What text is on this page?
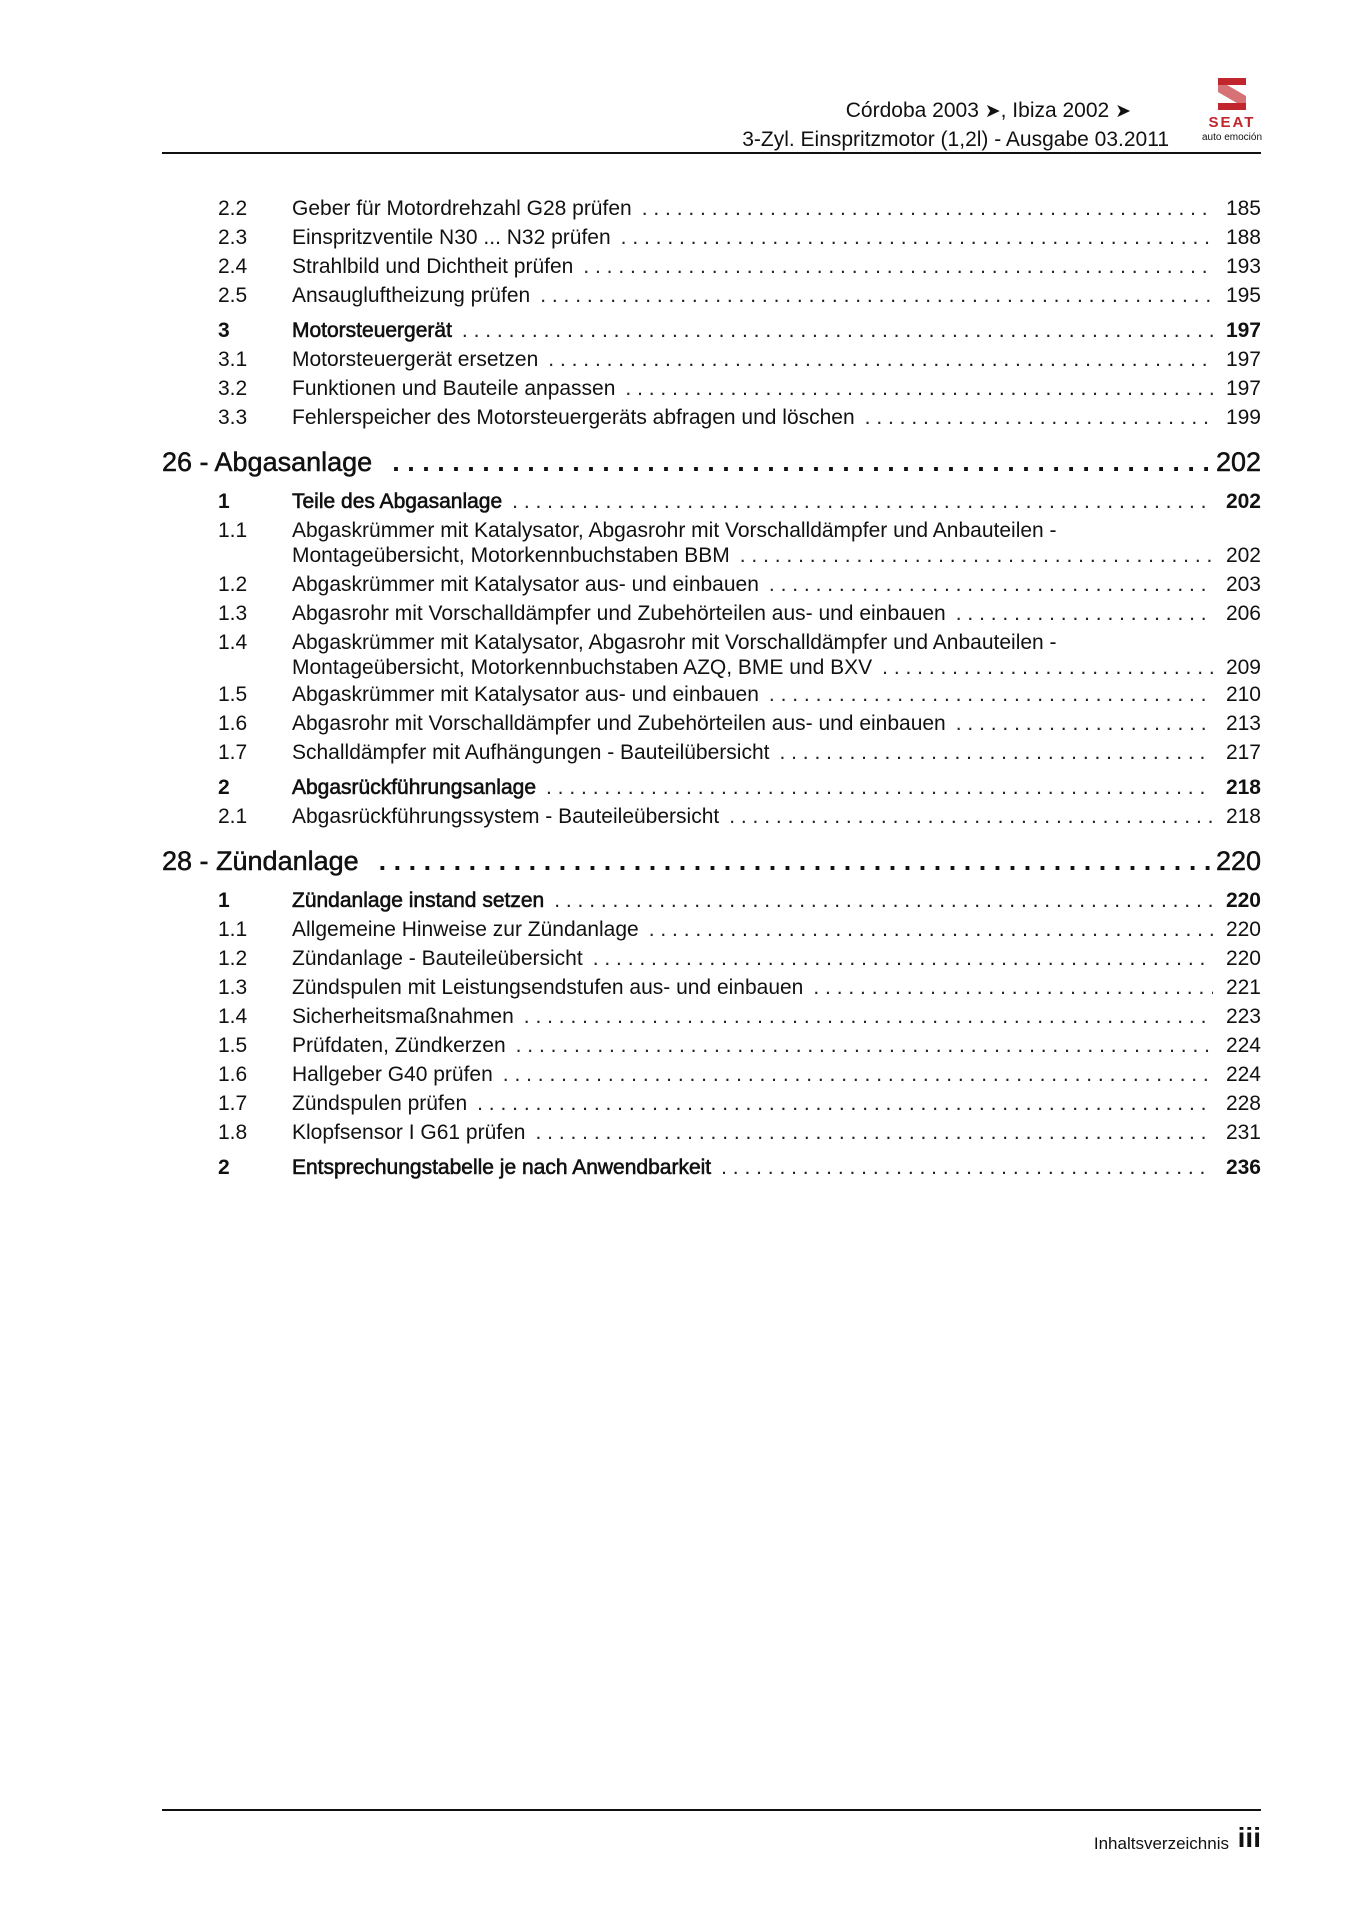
Córdoba 2003 ➤, Ibiza 2002 ➤
3-Zyl. Einspritzmotor (1,2l) - Ausgabe 03.2011
SEAT
auto emoción
2.2	Geber für Motordrehzahl G28 prüfen . . .	185
2.3	Einspritzventile N30 ... N32 prüfen . . .	188
2.4	Strahlbild und Dichtheit prüfen . . .	193
2.5	Ansaugluftheizung prüfen . . .	195
3	Motorsteuergerät . . .	197
3.1	Motorsteuergerät ersetzen . . .	197
3.2	Funktionen und Bauteile anpassen . . .	197
3.3	Fehlerspeicher des Motorsteuergeräts abfragen und löschen . . .	199
26 - Abgasanlage . . .	202
1	Teile des Abgasanlage . . .	202
1.1	Abgaskrümmer mit Katalysator, Abgasrohr mit Vorschalldämpfer und Anbauteilen -
Montageübersicht, Motorkennbuchstaben BBM . . .	202
1.2	Abgaskrümmer mit Katalysator aus- und einbauen . . .	203
1.3	Abgasrohr mit Vorschalldämpfer und Zubehörteilen aus- und einbauen . . .	206
1.4	Abgaskrümmer mit Katalysator, Abgasrohr mit Vorschalldämpfer und Anbauteilen -
Montageübersicht, Motorkennbuchstaben AZQ, BME und BXV . . .	209
1.5	Abgaskrümmer mit Katalysator aus- und einbauen . . .	210
1.6	Abgasrohr mit Vorschalldämpfer und Zubehörteilen aus- und einbauen . . .	213
1.7	Schalldämpfer mit Aufhängungen - Bauteilübersicht . . .	217
2	Abgasrückführungsanlage . . .	218
2.1	Abgasrückführungssystem - Bauteileübersicht . . .	218
28 - Zündanlage . . .	220
1	Zündanlage instand setzen . . .	220
1.1	Allgemeine Hinweise zur Zündanlage . . .	220
1.2	Zündanlage - Bauteileübersicht . . .	220
1.3	Zündspulen mit Leistungsendstufen aus- und einbauen . . .	221
1.4	Sicherheitsmaßnahmen . . .	223
1.5	Prüfdaten, Zündkerzen . . .	224
1.6	Hallgeber G40 prüfen . . .	224
1.7	Zündspulen prüfen . . .	228
1.8	Klopfsensor I G61 prüfen . . .	231
2	Entsprechungstabelle je nach Anwendbarkeit . . .	236
Inhaltsverzeichnis iii
